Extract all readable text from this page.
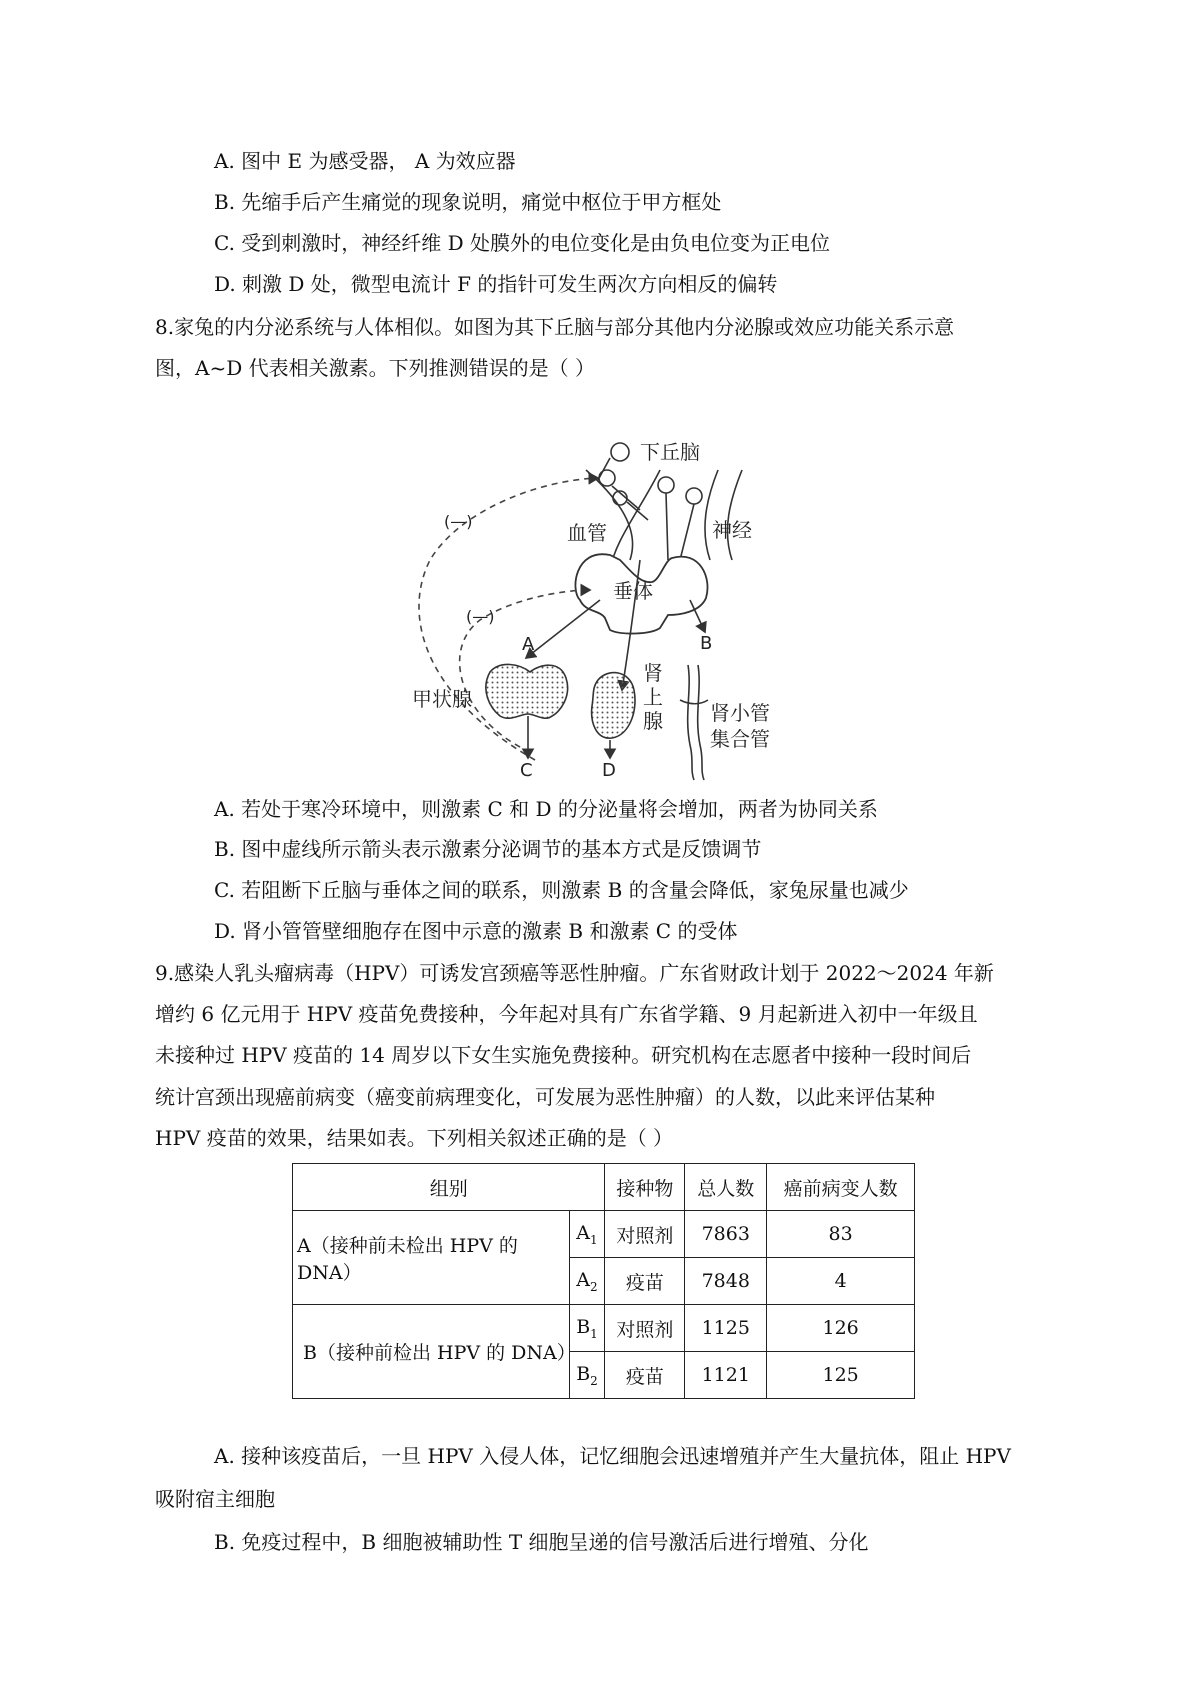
A. 图中 E 为感受器， A 为效应器
B. 先缩手后产生痛觉的现象说明，痛觉中枢位于甲方框处
C. 受到刺激时，神经纤维 D 处膜外的电位变化是由负电位变为正电位
D. 刺激 D 处，微型电流计 F 的指针可发生两次方向相反的偏转
8.家兔的内分泌系统与人体相似。如图为其下丘脑与部分其他内分泌腺或效应功能关系示意
图，A~D 代表相关激素。下列推测错误的是（ ）
下丘脑
血管	神经
垂体
(—)
(—)
A	B
甲状腺
C
肾
上
腺
D
肾小管
集合管
A. 若处于寒冷环境中，则激素 C 和 D 的分泌量将会增加，两者为协同关系
B. 图中虚线所示箭头表示激素分泌调节的基本方式是反馈调节
C. 若阻断下丘脑与垂体之间的联系，则激素 B 的含量会降低，家兔尿量也减少
D. 肾小管管壁细胞存在图中示意的激素 B 和激素 C 的受体
9.感染人乳头瘤病毒（HPV）可诱发宫颈癌等恶性肿瘤。广东省财政计划于 2022～2024 年新
增约 6 亿元用于 HPV 疫苗免费接种，今年起对具有广东省学籍、9 月起新进入初中一年级且
未接种过 HPV 疫苗的 14 周岁以下女生实施免费接种。研究机构在志愿者中接种一段时间后
统计宫颈出现癌前病变（癌变前病理变化，可发展为恶性肿瘤）的人数，以此来评估某种
HPV 疫苗的效果，结果如表。下列相关叙述正确的是（ ）
组别		接种物	总人数	癌前病变人数
A（接种前未检出 HPV 的 DNA）	$A_1$	对照剂	7863	83
	$A_2$	疫苗	7848	4
B（接种前检出 HPV 的 DNA）	$B_1$	对照剂	1125	126
	$B_2$	疫苗	1121	125
A. 接种该疫苗后，一旦 HPV 入侵人体，记忆细胞会迅速增殖并产生大量抗体，阻止 HPV
吸附宿主细胞
B. 免疫过程中，B 细胞被辅助性 T 细胞呈递的信号激活后进行增殖、分化
